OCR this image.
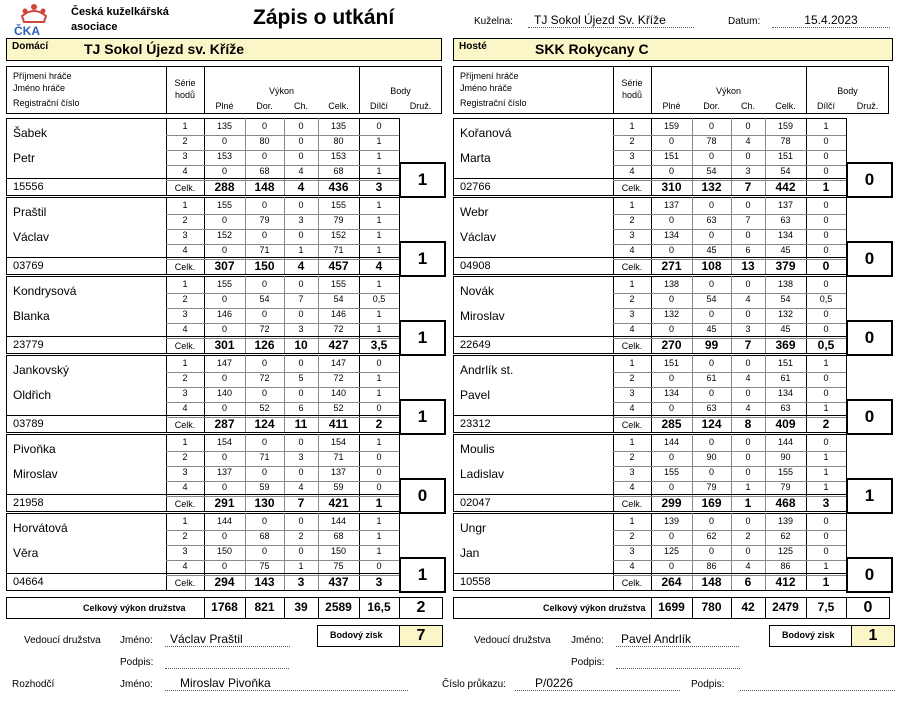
ČKA
Česká kuželkářská
asociace	Zápis o utkání	Kuželna:	TJ Sokol Újezd Sv. Kříže	Datum:	15.4.2023
Domácí	TJ Sokol Újezd sv. Kříže	Hosté	SKK Rokycany C
Příjmení hráče
Jméno hráče
Registrační číslo
Série
hodů	Výkon	Body
Plné	Dor.	Ch.	Celk.	Dílčí	Druž.
Šabek
Petr
15556
1	135	0	0	135	0
2	0	80	0	80	1
3	153	0	0	153	1
4	0	68	4	68	1
Celk.	288	148	4	436	3	1
Praštil
Václav
03769
1	155	0	0	155	1
2	0	79	3	79	1
3	152	0	0	152	1
4	0	71	1	71	1
Celk.	307	150	4	457	4	1
Kondrysová
Blanka
23779
1	155	0	0	155	1
2	0	54	7	54	0,5
3	146	0	0	146	1
4	0	72	3	72	1
Celk.	301	126	10	427	3,5	1
Jankovský
Oldřich
03789
1	147	0	0	147	0
2	0	72	5	72	1
3	140	0	0	140	1
4	0	52	6	52	0
Celk.	287	124	11	411	2	1
Pivoňka
Miroslav
21958
1	154	0	0	154	1
2	0	71	3	71	0
3	137	0	0	137	0
4	0	59	4	59	0
Celk.	291	130	7	421	1	0
Horvátová
Věra
04664
1	144	0	0	144	1
2	0	68	2	68	1
3	150	0	0	150	1
4	0	75	1	75	0
Celk.	294	143	3	437	3	1
Celkový výkon družstva	1768	821	39	2589	16,5	2
Bodový zisk	7
Příjmení hráče
Jméno hráče
Registrační číslo
Série
hodů	Výkon	Body
Plné	Dor.	Ch.	Celk.	Dílčí	Druž.
Kořanová
Marta
02766
1	159	0	0	159	1
2	0	78	4	78	0
3	151	0	0	151	0
4	0	54	3	54	0
Celk.	310	132	7	442	1	0
Webr
Václav
04908
1	137	0	0	137	0
2	0	63	7	63	0
3	134	0	0	134	0
4	0	45	6	45	0
Celk.	271	108	13	379	0	0
Novák
Miroslav
22649
1	138	0	0	138	0
2	0	54	4	54	0,5
3	132	0	0	132	0
4	0	45	3	45	0
Celk.	270	99	7	369	0,5	0
Andrlík st.
Pavel
23312
1	151	0	0	151	1
2	0	61	4	61	0
3	134	0	0	134	0
4	0	63	4	63	1
Celk.	285	124	8	409	2	0
Moulis
Ladislav
02047
1	144	0	0	144	0
2	0	90	0	90	1
3	155	0	0	155	1
4	0	79	1	79	1
Celk.	299	169	1	468	3	1
Ungr
Jan
10558
1	139	0	0	139	0
2	0	62	2	62	0
3	125	0	0	125	0
4	0	86	4	86	1
Celk.	264	148	6	412	1	0
Celkový výkon družstva	1699	780	42	2479	7,5	0
Bodový zisk	1
Vedoucí družstva Jméno:	Václav Praštil
Podpis:
Vedoucí družstva Jméno:	Pavel Andrlík
Podpis:
Rozhodčí	Jméno:	Miroslav Pivoňka	Číslo průkazu:	P/0226	Podpis:
